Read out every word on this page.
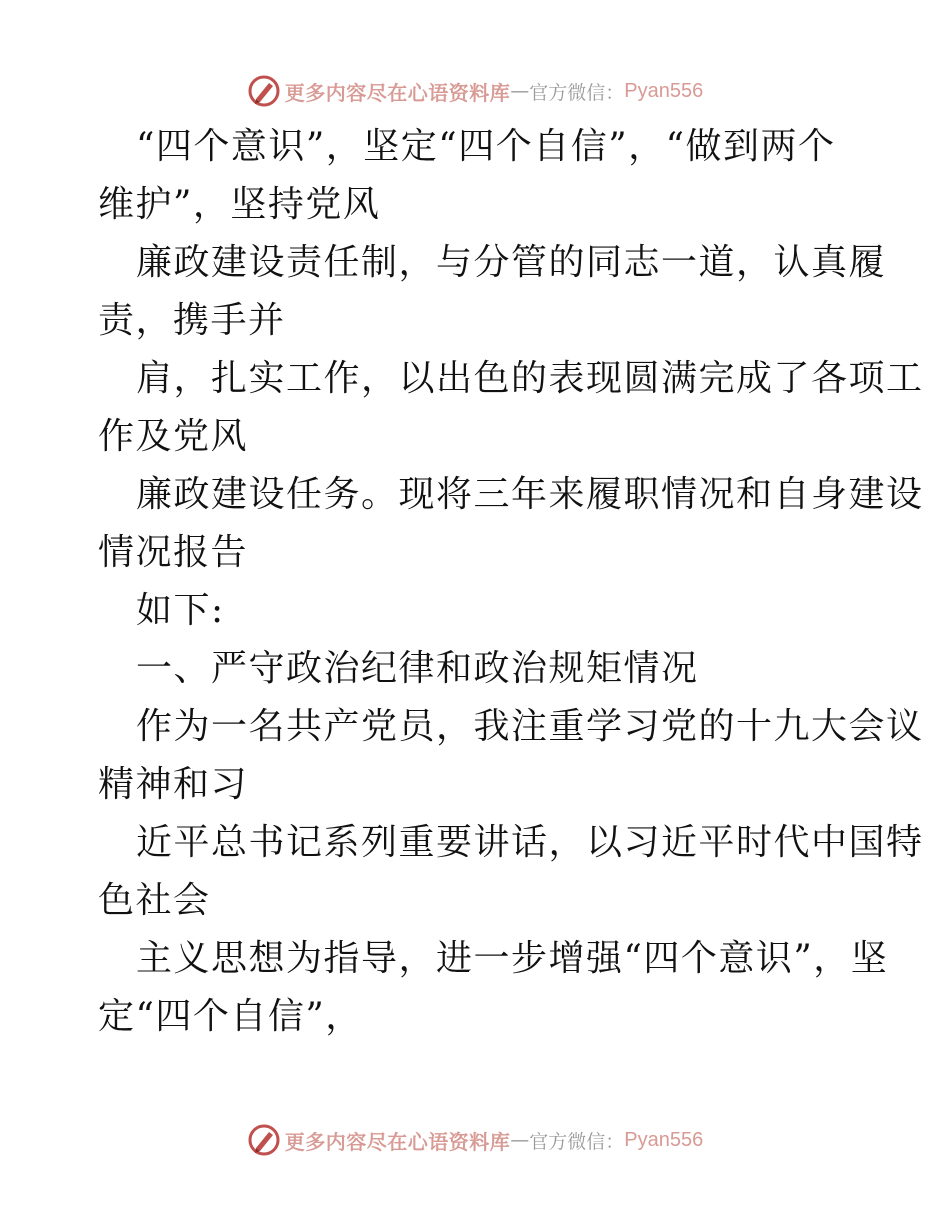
更多内容尽在心语资料库 — 官方微信： Pyan556

“四个意识”，坚定“四个自信”，“做到两个

维护”，坚持党风

廉政建设责任制，与分管的同志一道，认真履

责，携手并

肩，扎实工作，以出色的表现圆满完成了各项工

作及党风

廉政建设任务。现将三年来履职情况和自身建设

情况报告

如下:

一、严守政治纪律和政治规矩情况

作为一名共产党员，我注重学习党的十九大会议

精神和习

近平总书记系列重要讲话，以习近平时代中国特

色社会

主义思想为指导，进一步增强“四个意识”，坚

定“四个自信”，

更多内容尽在心语资料库 — 官方微信： Pyan556
